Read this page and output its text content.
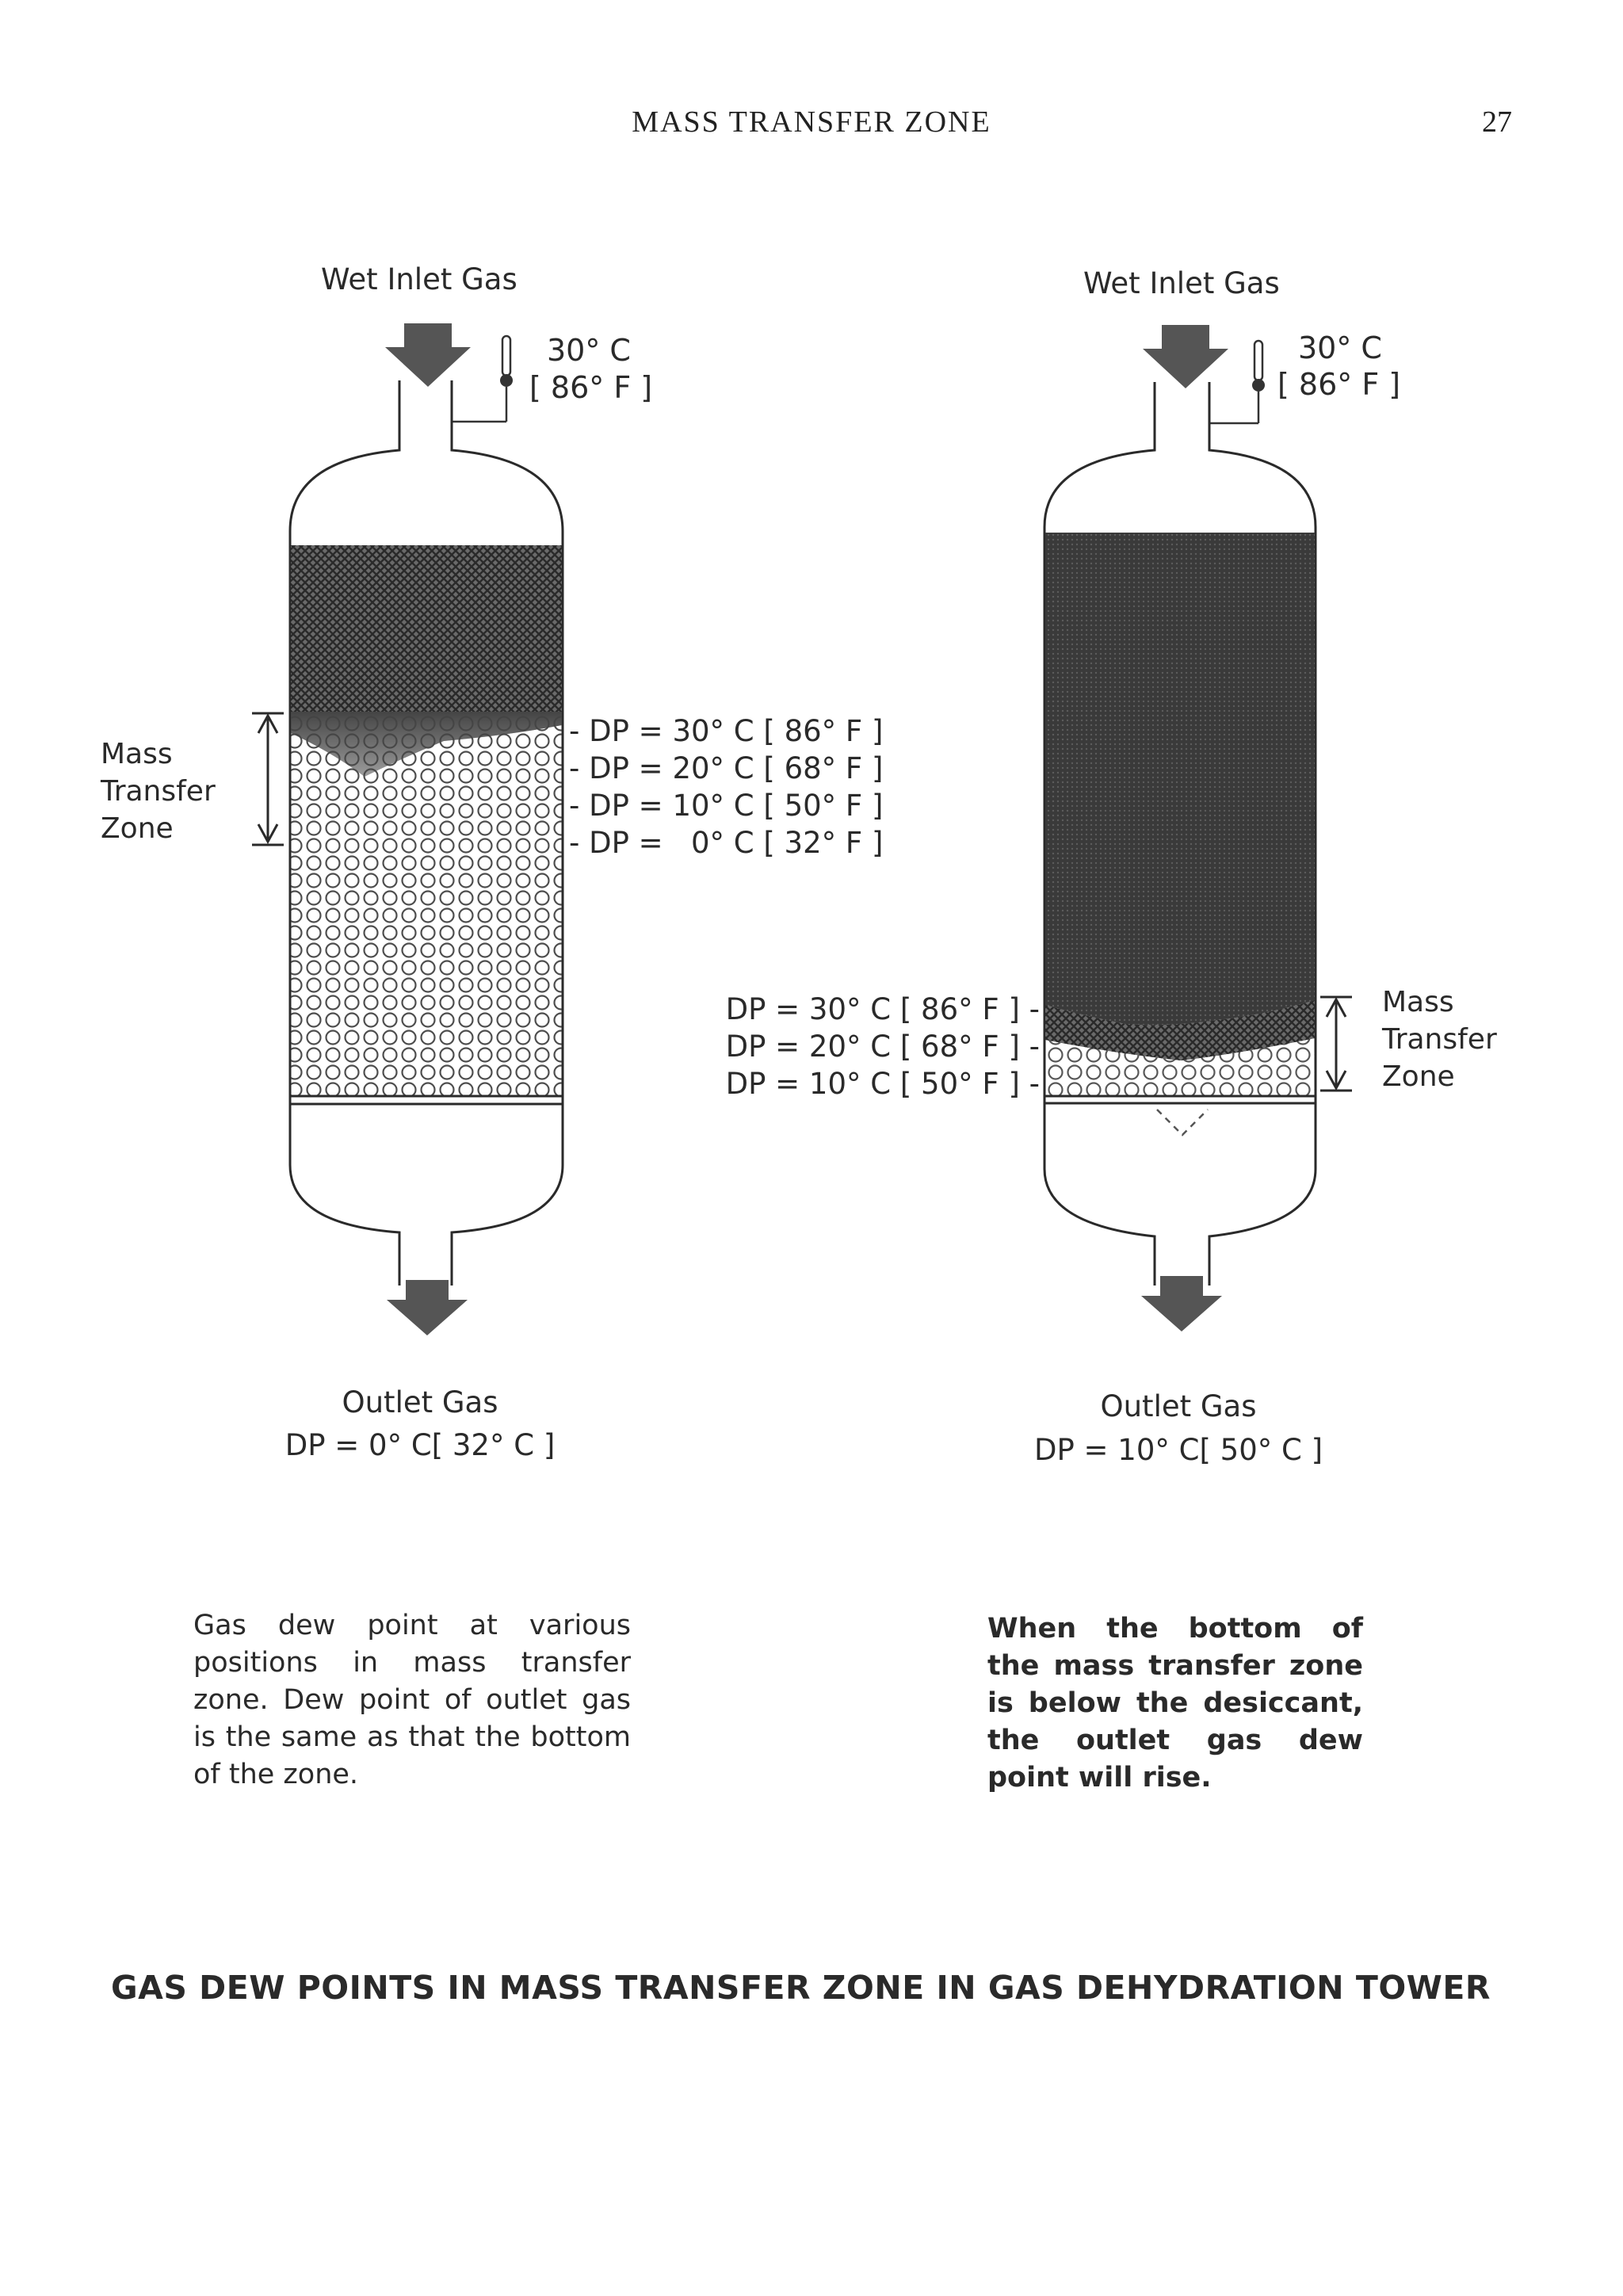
MASS TRANSFER ZONE	27
Wet Inlet Gas
30° C
[ 86° F ]
Mass
Transfer
Zone
- DP = 30° C [ 86° F ]
- DP = 20° C [ 68° F ]
- DP = 10° C [ 50° F ]
- DP =   0° C [ 32° F ]
Outlet Gas
DP = 0° C[ 32° C ]
Wet Inlet Gas
30° C
[ 86° F ]
Mass
Transfer
Zone
DP = 30° C [ 86° F ] -
DP = 20° C [ 68° F ] -
DP = 10° C [ 50° F ] -
Outlet Gas
DP = 10° C[ 50° C ]
Gas dew point at various positions in mass transfer zone. Dew point of outlet gas is the same as that the bottom of the zone.
When the bottom of the mass transfer zone is below the desiccant, the outlet gas dew point will rise.
GAS DEW POINTS IN MASS TRANSFER ZONE IN GAS DEHYDRATION TOWER
